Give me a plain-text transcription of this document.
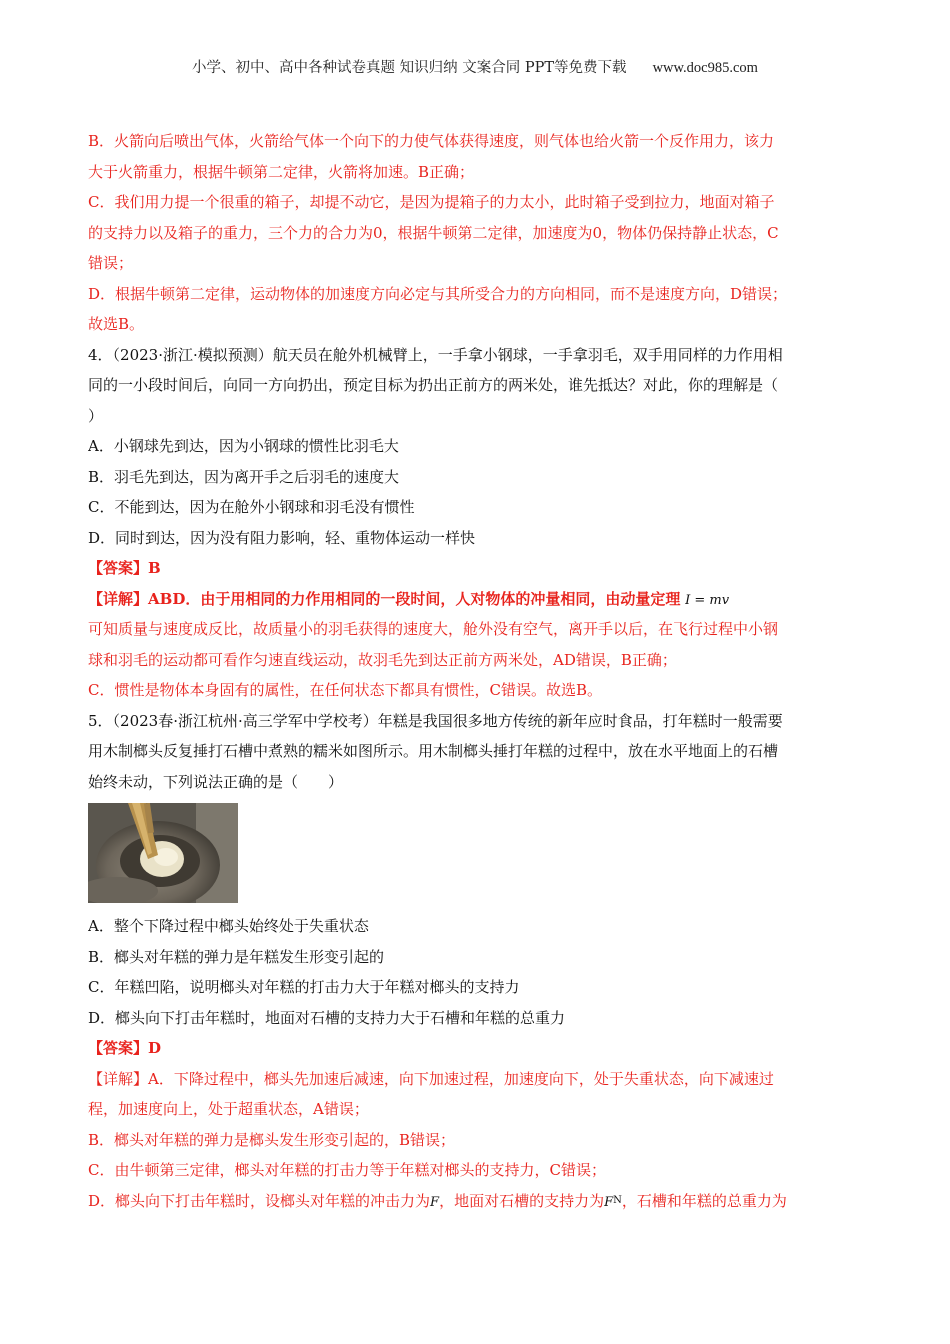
小学、初中、高中各种试卷真题 知识归纳 文案合同 PPT等免费下载 www.doc985.com
B．火箭向后喷出气体，火箭给气体一个向下的力使气体获得速度，则气体也给火箭一个反作用力，该力
大于火箭重力，根据牛顿第二定律，火箭将加速。B正确；
C．我们用力提一个很重的箱子，却提不动它，是因为提箱子的力太小，此时箱子受到拉力，地面对箱子
的支持力以及箱子的重力，三个力的合力为0，根据牛顿第二定律，加速度为0，物体仍保持静止状态，C
错误；
D．根据牛顿第二定律，运动物体的加速度方向必定与其所受合力的方向相同，而不是速度方向，D错误；
故选B。
4．（2023·浙江·模拟预测）航天员在舱外机械臂上，一手拿小钢球，一手拿羽毛，双手用同样的力作用相
同的一小段时间后，向同一方向扔出，预定目标为扔出正前方的两米处，谁先抵达？对此，你的理解是（
）
A．小钢球先到达，因为小钢球的惯性比羽毛大
B．羽毛先到达，因为离开手之后羽毛的速度大
C．不能到达，因为在舱外小钢球和羽毛没有惯性
D．同时到达，因为没有阻力影响，轻、重物体运动一样快
【答案】B
【详解】ABD．由于用相同的力作用相同的一段时间，人对物体的冲量相同，由动量定理 I = mv
可知质量与速度成反比，故质量小的羽毛获得的速度大，舱外没有空气，离开手以后，在飞行过程中小钢
球和羽毛的运动都可看作匀速直线运动，故羽毛先到达正前方两米处，AD错误，B正确；
C．惯性是物体本身固有的属性，在任何状态下都具有惯性，C错误。故选B。
5．（2023春·浙江杭州·高三学军中学校考）年糕是我国很多地方传统的新年应时食品，打年糕时一般需要
用木制榔头反复捶打石槽中煮熟的糯米如图所示。用木制榔头捶打年糕的过程中，放在水平地面上的石槽
始终未动，下列说法正确的是（　　）
A．整个下降过程中榔头始终处于失重状态
B．榔头对年糕的弹力是年糕发生形变引起的
C．年糕凹陷，说明榔头对年糕的打击力大于年糕对榔头的支持力
D．榔头向下打击年糕时，地面对石槽的支持力大于石槽和年糕的总重力
【答案】D
【详解】A．下降过程中，榔头先加速后减速，向下加速过程，加速度向下，处于失重状态，向下减速过
程，加速度向上，处于超重状态，A错误；
B．榔头对年糕的弹力是榔头发生形变引起的，B错误；
C．由牛顿第三定律，榔头对年糕的打击力等于年糕对榔头的支持力，C错误；
D．榔头向下打击年糕时，设榔头对年糕的冲击力为F，地面对石槽的支持力为$F^N$，石槽和年糕的总重力为
